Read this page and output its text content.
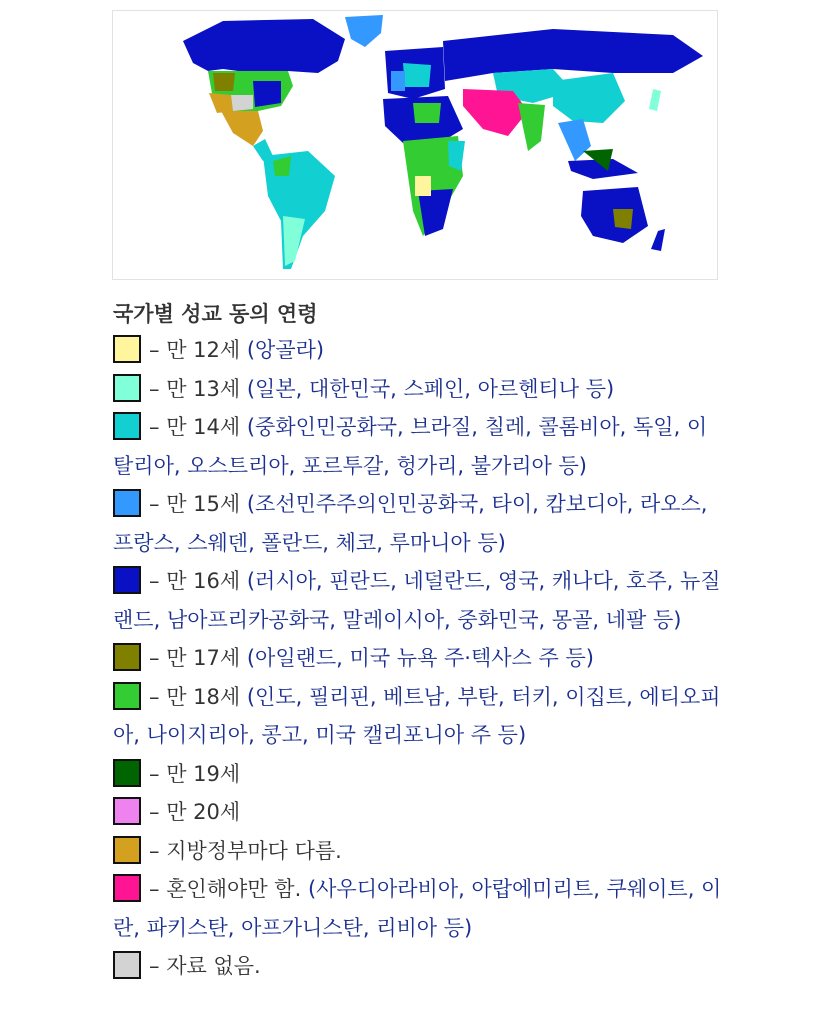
국가별 성교 동의 연령
– 만 12세 (앙골라)
– 만 13세 (일본, 대한민국, 스페인, 아르헨티나 등)
– 만 14세 (중화인민공화국, 브라질, 칠레, 콜롬비아, 독일, 이탈리아, 오스트리아, 포르투갈, 헝가리, 불가리아 등)
– 만 15세 (조선민주주의인민공화국, 타이, 캄보디아, 라오스, 프랑스, 스웨덴, 폴란드, 체코, 루마니아 등)
– 만 16세 (러시아, 핀란드, 네덜란드, 영국, 캐나다, 호주, 뉴질랜드, 남아프리카공화국, 말레이시아, 중화민국, 몽골, 네팔 등)
– 만 17세 (아일랜드, 미국 뉴욕 주·텍사스 주 등)
– 만 18세 (인도, 필리핀, 베트남, 부탄, 터키, 이집트, 에티오피아, 나이지리아, 콩고, 미국 캘리포니아 주 등)
– 만 19세
– 만 20세
– 지방정부마다 다름.
– 혼인해야만 함. (사우디아라비아, 아랍에미리트, 쿠웨이트, 이란, 파키스탄, 아프가니스탄, 리비아 등)
– 자료 없음.
